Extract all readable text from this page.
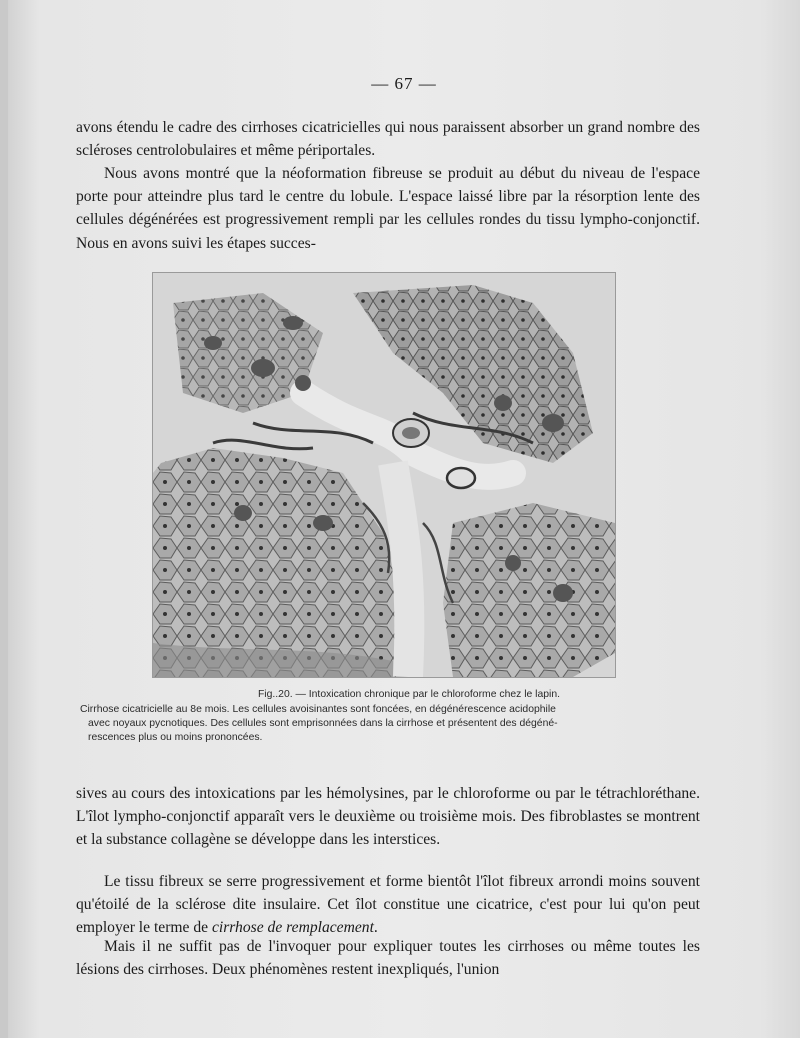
— 67 —

avons étendu le cadre des cirrhoses cicatricielles qui nous paraissent absorber un grand nombre des scléroses centrolobulaires et même périportales.

Nous avons montré que la néoformation fibreuse se produit au début du niveau de l'espace porte pour atteindre plus tard le centre du lobule. L'espace laissé libre par la résorption lente des cellules dégénérées est progressivement rempli par les cellules rondes du tissu lympho-conjonctif. Nous en avons suivi les étapes succes-

Fig..20. — Intoxication chronique par le chloroforme chez le lapin.
Cirrhose cicatricielle au 8e mois. Les cellules avoisinantes sont foncées, en dégénérescence acidophile
avec noyaux pycnotiques. Des cellules sont emprisonnées dans la cirrhose et présentent des dégéné-
rescences plus ou moins prononcées.

sives au cours des intoxications par les hémolysines, par le chloroforme ou par le tétrachloréthane. L'îlot lympho-conjonctif apparaît vers le deuxième ou troisième mois. Des fibroblastes se montrent et la substance collagène se développe dans les interstices.

Le tissu fibreux se serre progressivement et forme bientôt l'îlot fibreux arrondi moins souvent qu'étoilé de la sclérose dite insulaire. Cet îlot constitue une cicatrice, c'est pour lui qu'on peut employer le terme de cirrhose de remplacement.

Mais il ne suffit pas de l'invoquer pour expliquer toutes les cirrhoses ou même toutes les lésions des cirrhoses. Deux phénomènes restent inexpliqués, l'union
